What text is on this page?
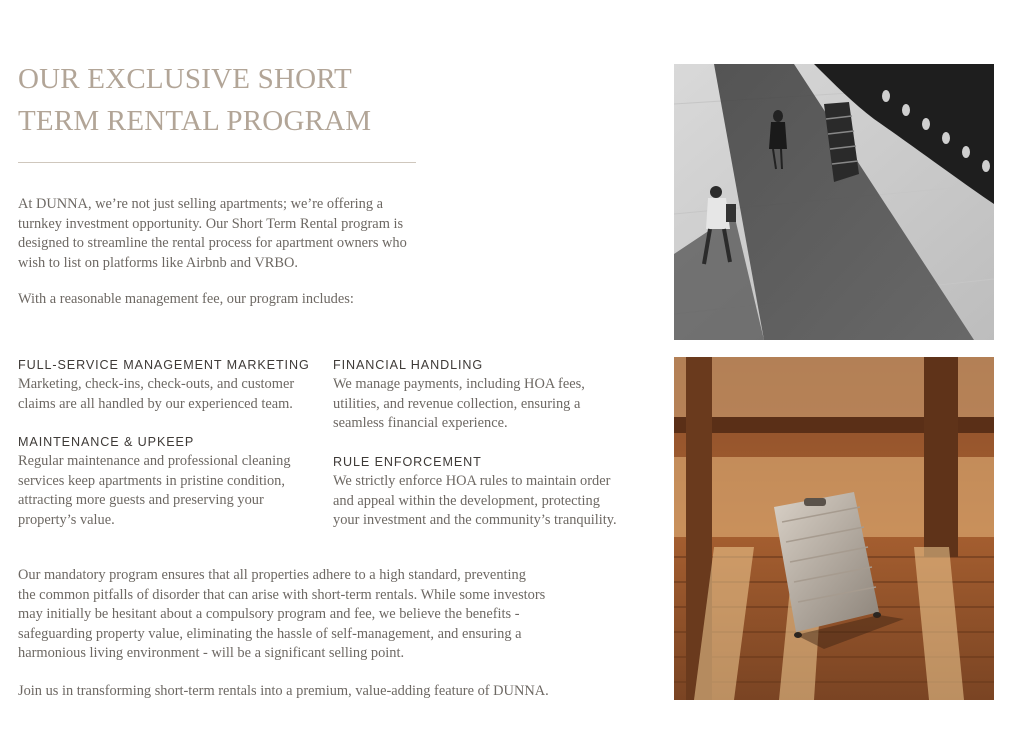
OUR EXCLUSIVE SHORT
TERM RENTAL PROGRAM

At DUNNA, we’re not just selling apartments; we’re offering a
turnkey investment opportunity. Our Short Term Rental program is
designed to streamline the rental process for apartment owners who
wish to list on platforms like Airbnb and VRBO.

With a reasonable management fee, our program includes:

FULL-SERVICE MANAGEMENT MARKETING

Marketing, check-ins, check-outs, and customer
claims are all handled by our experienced team.

FINANCIAL HANDLING

We manage payments, including HOA fees,
utilities, and revenue collection, ensuring a
seamless financial experience.

MAINTENANCE & UPKEEP

Regular maintenance and professional cleaning
services keep apartments in pristine condition,
attracting more guests and preserving your
property’s value.

RULE ENFORCEMENT

We strictly enforce HOA rules to maintain order
and appeal within the development, protecting
your investment and the community’s tranquility.

Our mandatory program ensures that all properties adhere to a high standard, preventing
the common pitfalls of disorder that can arise with short-term rentals. While some investors
may initially be hesitant about a compulsory program and fee, we believe the benefits -
safeguarding property value, eliminating the hassle of self-management, and ensuring a
harmonious living environment - will be a significant selling point.

Join us in transforming short-term rentals into a premium, value-adding feature of DUNNA.
